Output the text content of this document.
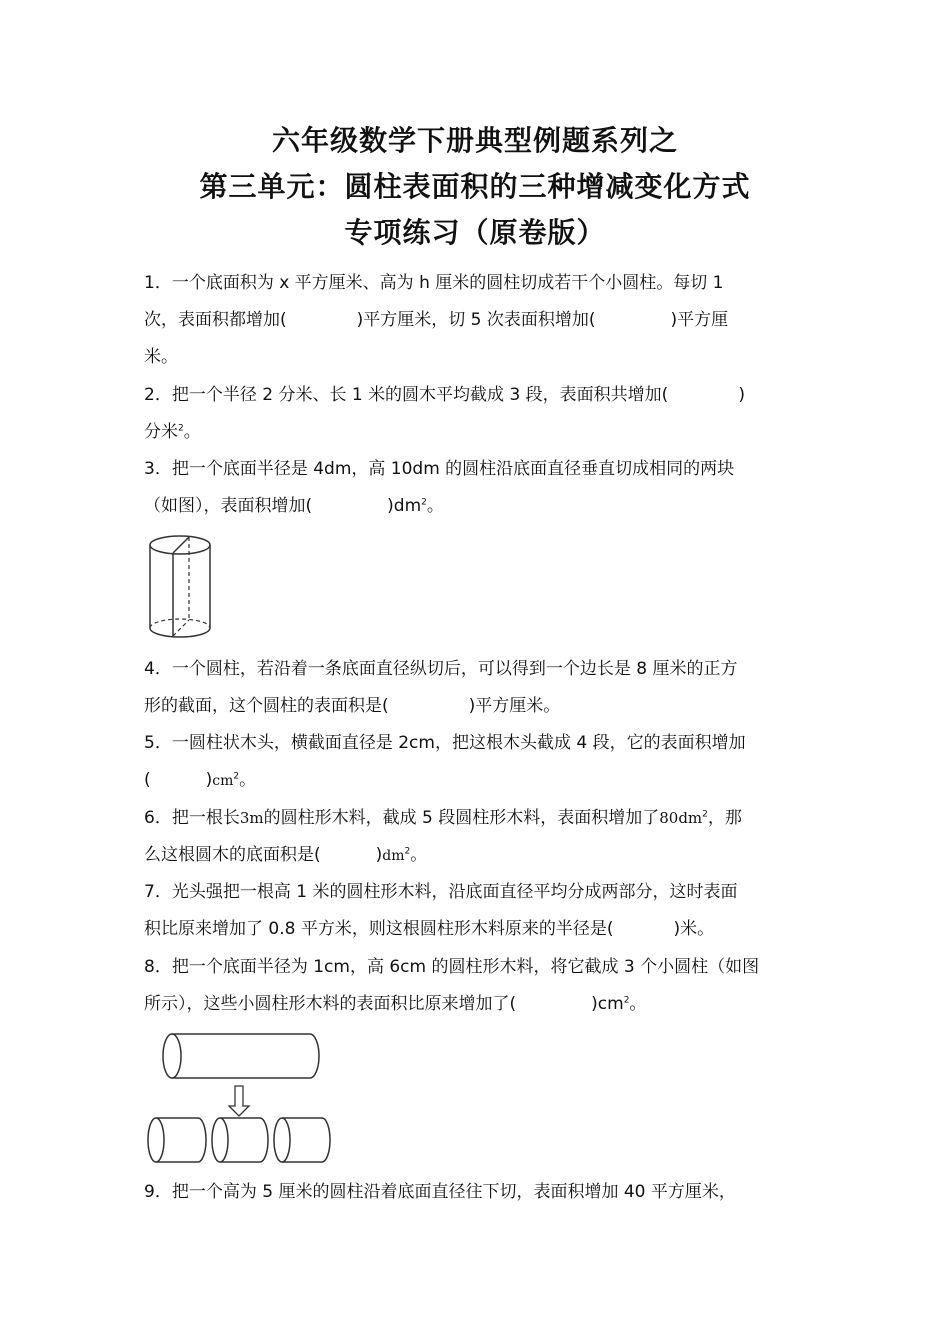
六年级数学下册典型例题系列之

第三单元：圆柱表面积的三种增减变化方式

专项练习（原卷版）

1．一个底面积为 x 平方厘米、高为 h 厘米的圆柱切成若干个小圆柱。每切 1
次，表面积都增加(	)平方厘米，切 5 次表面积增加(	)平方厘
米。
2．把一个半径 2 分米、长 1 米的圆木平均截成 3 段，表面积共增加(	)
分米$^2$。
3．把一个底面半径是 4dm，高 10dm 的圆柱沿底面直径垂直切成相同的两块
（如图），表面积增加(	)$dm^2$。
4．一个圆柱，若沿着一条底面直径纵切后，可以得到一个边长是 8 厘米的正方
形的截面，这个圆柱的表面积是(	)平方厘米。
5．一圆柱状木头，横截面直径是 2cm，把这根木头截成 4 段，它的表面积增加
(	)$cm^2$。
6．把一根长3m的圆柱形木料，截成 5 段圆柱形木料，表面积增加了$80dm^2$，那
么这根圆木的底面积是(	)$dm^2$。
7．光头强把一根高 1 米的圆柱形木料，沿底面直径平均分成两部分，这时表面
积比原来增加了 0.8 平方米，则这根圆柱形木料原来的半径是(	)米。
8．把一个底面半径为 1cm，高 6cm 的圆柱形木料，将它截成 3 个小圆柱（如图
所示），这些小圆柱形木料的表面积比原来增加了(	)$cm^2$。
9．把一个高为 5 厘米的圆柱沿着底面直径往下切，表面积增加 40 平方厘米，
